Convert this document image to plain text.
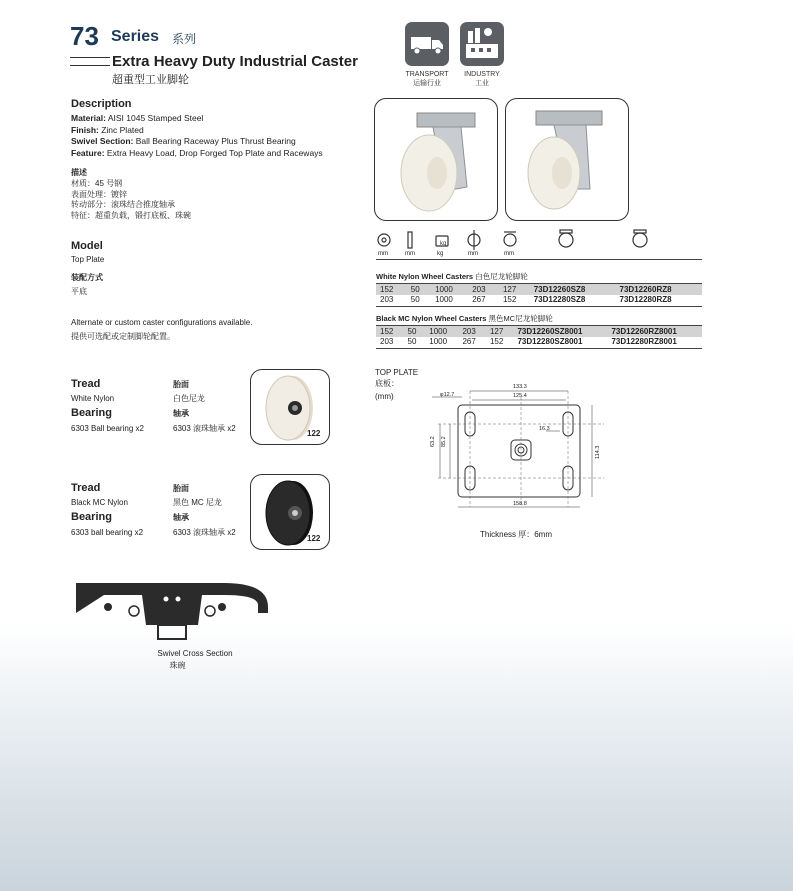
73 Series 系列
Extra Heavy Duty Industrial Caster
超重型工业脚轮	TRANSPORT
运输行业
INDUSTRY
工业
Description
Material: AISI 1045 Stamped Steel
Finish: Zinc Plated
Swivel Section: Ball Bearing Raceway Plus Thrust Bearing
Feature: Extra Heavy Load, Drop Forged Top Plate and Raceways
描述
材质：45 号钢
表面处理：镀锌
转动部分：滚珠结合推度轴承
特征：超重负载，锻打底板、珠碗
Model
Top Plate
装配方式
平底
Alternate or custom caster configurations available.
提供可选配或定制脚轮配置。
Tread	胎面
White Nylon	白色尼龙
Bearing	轴承
6303 Ball bearing x2	6303 滚珠轴承 x2
122
Tread	胎面
Black MC Nylon	黑色 MC 尼龙
Bearing	轴承
6303 ball bearing x2	6303 滚珠轴承 x2
122
Swivel Cross Section
珠碗
kg
mm	mm	kg	mm	mm
White Nylon Wheel Casters 白色尼龙轮脚轮
152	50	1000	203	127	73D12260SZ8	73D12260RZ8
203	50	1000	267	152	73D12280SZ8	73D12280RZ8
Black MC Nylon Wheel Casters 黑色MC尼龙轮脚轮
152	50	1000	203	127	73D12260SZ8001	73D12260RZ8001
203	50	1000	267	152	73D12280SZ8001	73D12280RZ8001
TOP PLATE
底板：
(mm)
133.3
125.4
158.8
φ12.7
16.3
63.2 85.2
114.3
Thickness 厚：6mm
